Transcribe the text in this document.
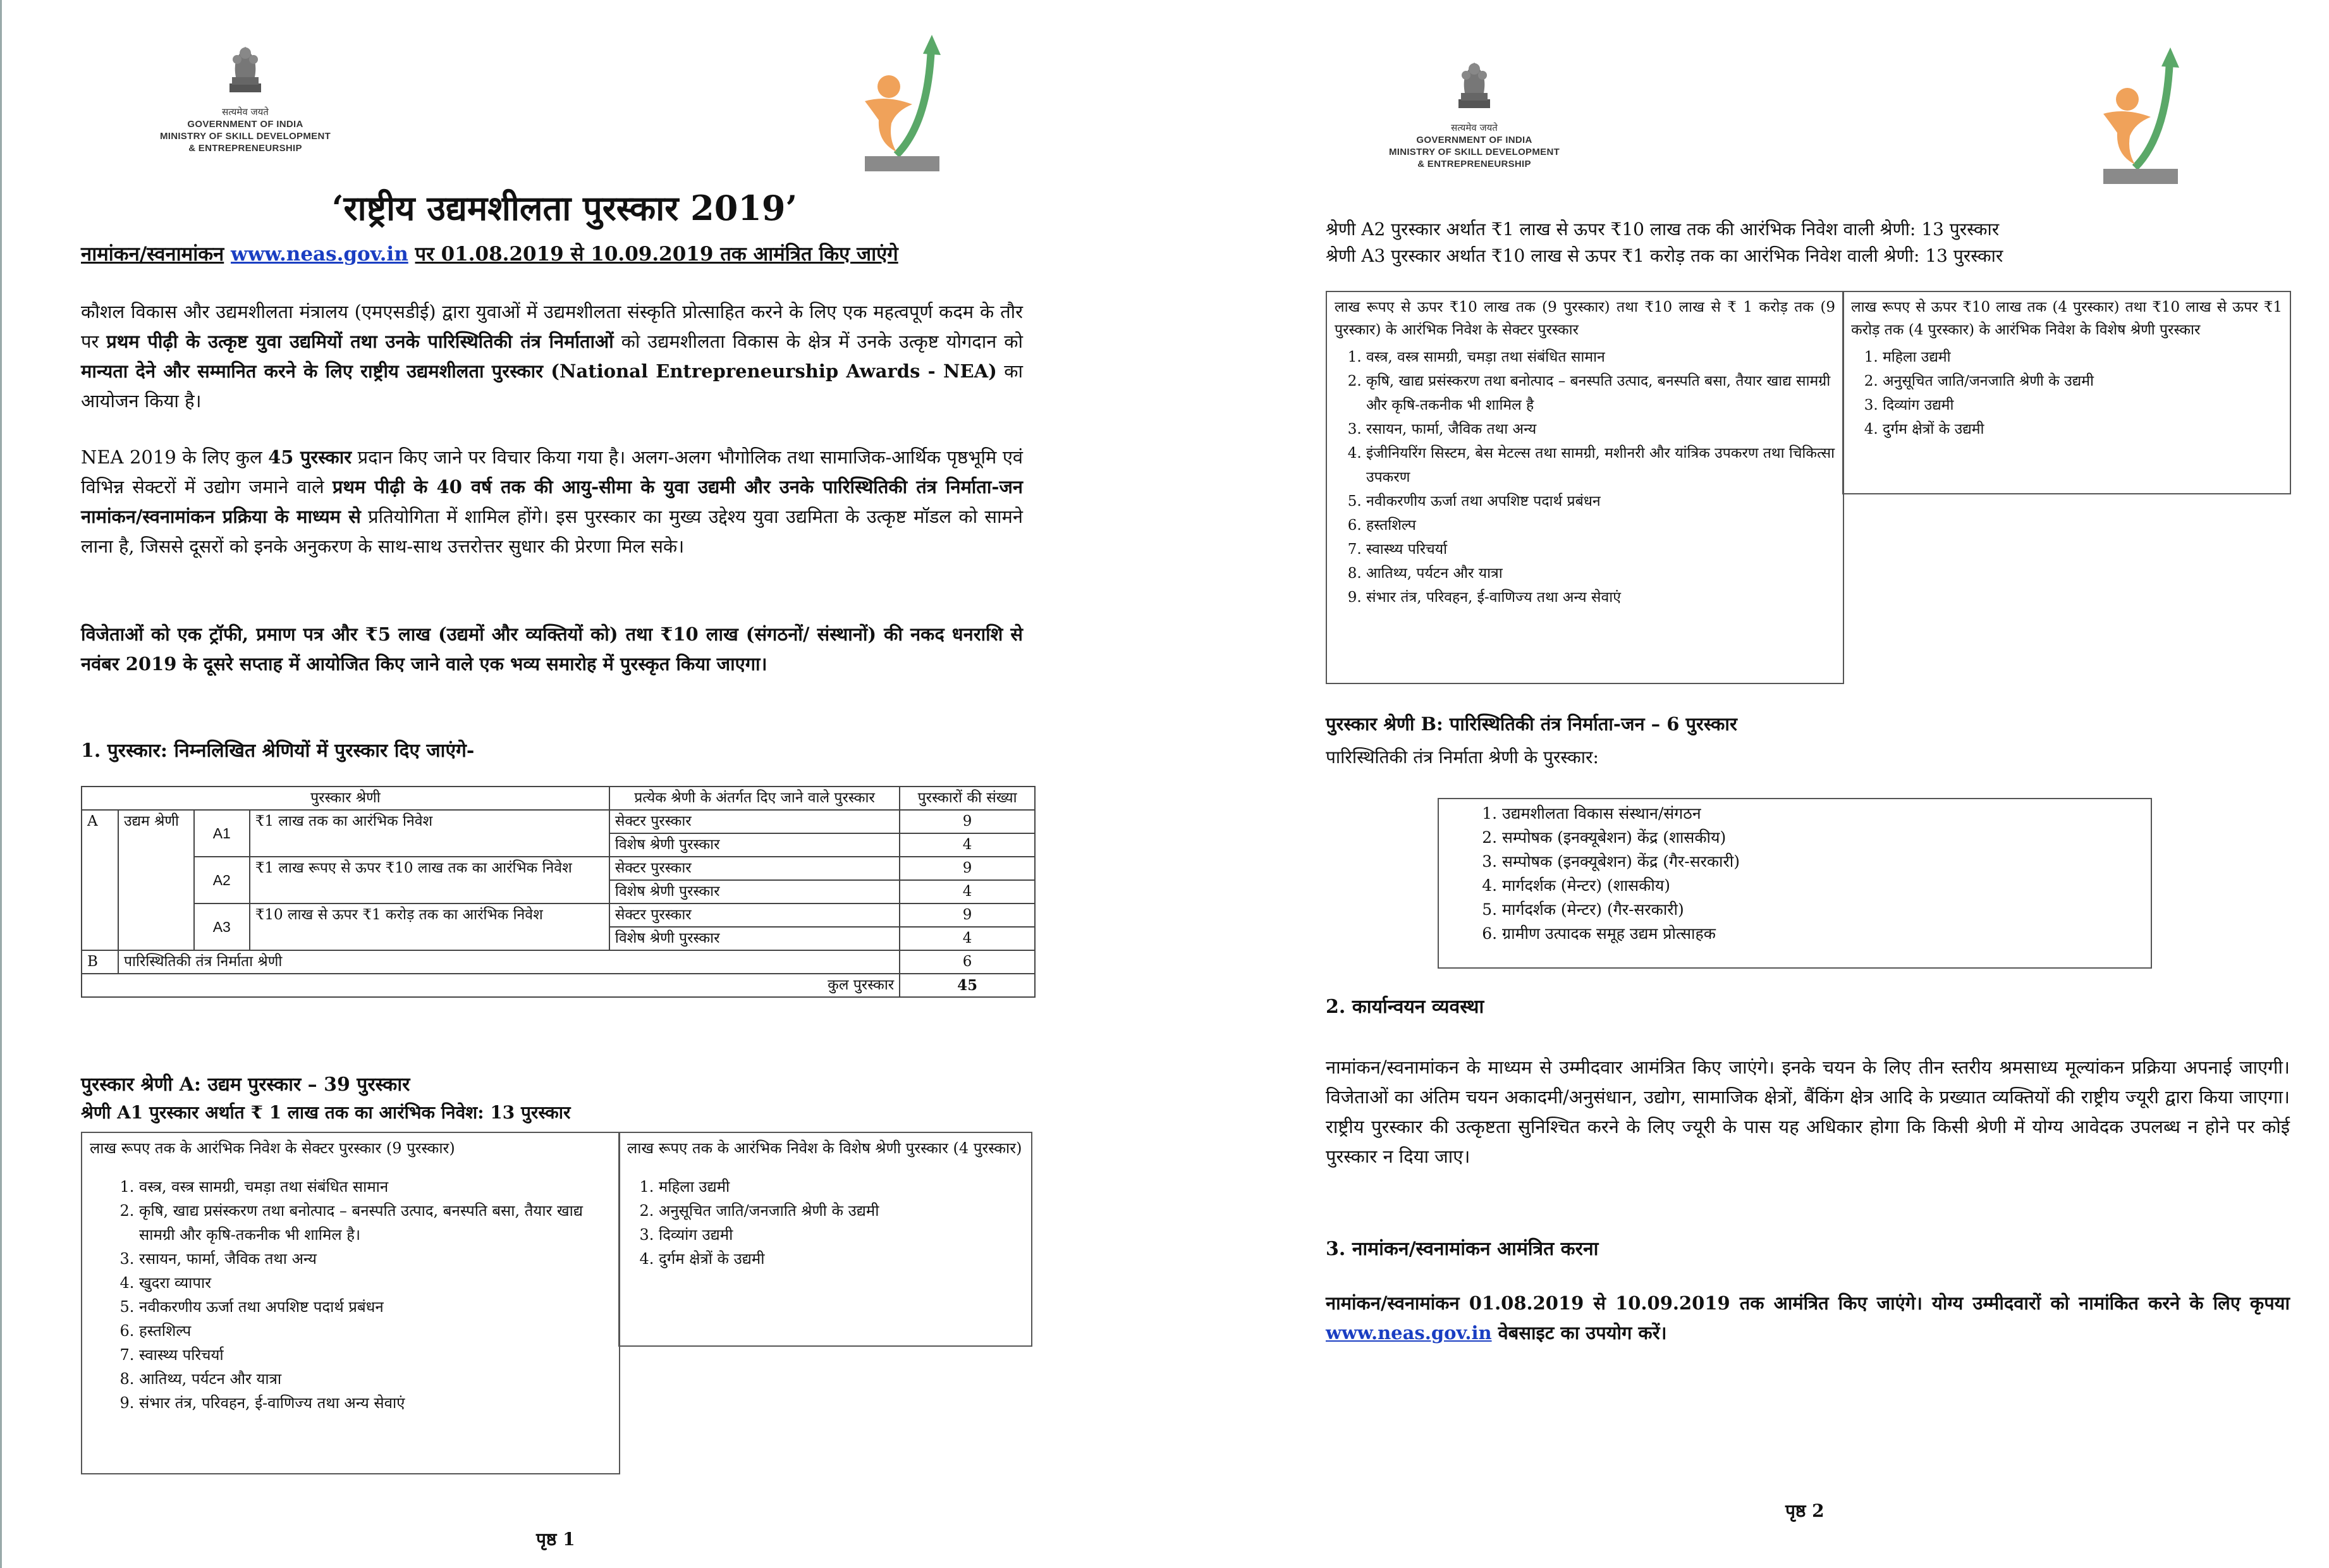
सत्यमेव जयते
GOVERNMENT OF INDIA
MINISTRY OF SKILL DEVELOPMENT
& ENTREPRENEURSHIP
‘राष्ट्रीय उद्यमशीलता पुरस्कार 2019’
नामांकन/स्वनामांकन www.neas.gov.in पर 01.08.2019 से 10.09.2019 तक आमंत्रित किए जाएंगे
कौशल विकास और उद्यमशीलता मंत्रालय (एमएसडीई) द्वारा युवाओं में उद्यमशीलता संस्कृति प्रोत्साहित करने के लिए एक महत्वपूर्ण कदम के तौर पर प्रथम पीढ़ी के उत्कृष्ट युवा उद्यमियों तथा उनके पारिस्थितिकी तंत्र निर्माताओं को उद्यमशीलता विकास के क्षेत्र में उनके उत्कृष्ट योगदान को मान्यता देने और सम्मानित करने के लिए राष्ट्रीय उद्यमशीलता पुरस्कार (National Entrepreneurship Awards - NEA) का आयोजन किया है।
NEA 2019 के लिए कुल 45 पुरस्कार प्रदान किए जाने पर विचार किया गया है। अलग-अलग भौगोलिक तथा सामाजिक-आर्थिक पृष्ठभूमि एवं विभिन्न सेक्टरों में उद्योग जमाने वाले प्रथम पीढ़ी के 40 वर्ष तक की आयु-सीमा के युवा उद्यमी और उनके पारिस्थितिकी तंत्र निर्माता-जन नामांकन/स्वनामांकन प्रक्रिया के माध्यम से प्रतियोगिता में शामिल होंगे। इस पुरस्कार का मुख्य उद्देश्य युवा उद्यमिता के उत्कृष्ट मॉडल को सामने लाना है, जिससे दूसरों को इनके अनुकरण के साथ-साथ उत्तरोत्तर सुधार की प्रेरणा मिल सके।
विजेताओं को एक ट्रॉफी, प्रमाण पत्र और ₹5 लाख (उद्यमों और व्यक्तियों को) तथा ₹10 लाख (संगठनों/ संस्थानों) की नकद धनराशि से नवंबर 2019 के दूसरे सप्ताह में आयोजित किए जाने वाले एक भव्य समारोह में पुरस्कृत किया जाएगा।
1. पुरस्कार: निम्नलिखित श्रेणियों में पुरस्कार दिए जाएंगे-
पुरस्कार श्रेणी				प्रत्येक श्रेणी के अंतर्गत दिए जाने वाले पुरस्कार	पुरस्कारों की संख्या
A	उद्यम श्रेणी	A1	₹1 लाख तक का आरंभिक निवेश	सेक्टर पुरस्कार	9
				विशेष श्रेणी पुरस्कार	4
		A2	₹1 लाख रूपए से ऊपर ₹10 लाख तक का आरंभिक निवेश	सेक्टर पुरस्कार	9
				विशेष श्रेणी पुरस्कार	4
		A3	₹10 लाख से ऊपर ₹1 करोड़ तक का आरंभिक निवेश	सेक्टर पुरस्कार	9
				विशेष श्रेणी पुरस्कार	4
B	पारिस्थितिकी तंत्र निर्माता श्रेणी				6
कुल पुरस्कार					45
पुरस्कार श्रेणी A: उद्यम पुरस्कार – 39 पुरस्कार
श्रेणी A1 पुरस्कार अर्थात ₹ 1 लाख तक का आरंभिक निवेश: 13 पुरस्कार
लाख रूपए तक के आरंभिक निवेश के सेक्टर पुरस्कार (9 पुरस्कार)
1. वस्त्र, वस्त्र सामग्री, चमड़ा तथा संबंधित सामान
2. कृषि, खाद्य प्रसंस्करण तथा बनोत्पाद – बनस्पति उत्पाद, बनस्पति बसा, तैयार खाद्य सामग्री और कृषि-तकनीक भी शामिल है।
3. रसायन, फार्मा, जैविक तथा अन्य
4. खुदरा व्यापार
5. नवीकरणीय ऊर्जा तथा अपशिष्ट पदार्थ प्रबंधन
6. हस्तशिल्प
7. स्वास्थ्य परिचर्या
8. आतिथ्य, पर्यटन और यात्रा
9. संभार तंत्र, परिवहन, ई-वाणिज्य तथा अन्य सेवाएं
लाख रूपए तक के आरंभिक निवेश के विशेष श्रेणी पुरस्कार (4 पुरस्कार)
1. महिला उद्यमी
2. अनुसूचित जाति/जनजाति श्रेणी के उद्यमी
3. दिव्यांग उद्यमी
4. दुर्गम क्षेत्रों के उद्यमी
पृष्ठ 1
सत्यमेव जयते
GOVERNMENT OF INDIA
MINISTRY OF SKILL DEVELOPMENT
& ENTREPRENEURSHIP
श्रेणी A2 पुरस्कार अर्थात ₹1 लाख से ऊपर ₹10 लाख तक की आरंभिक निवेश वाली श्रेणी: 13 पुरस्कार
श्रेणी A3 पुरस्कार अर्थात ₹10 लाख से ऊपर ₹1 करोड़ तक का आरंभिक निवेश वाली श्रेणी: 13 पुरस्कार
लाख रूपए से ऊपर ₹10 लाख तक (9 पुरस्कार) तथा ₹10 लाख से ₹ 1 करोड़ तक (9 पुरस्कार) के आरंभिक निवेश के सेक्टर पुरस्कार
1. वस्त्र, वस्त्र सामग्री, चमड़ा तथा संबंधित सामान
2. कृषि, खाद्य प्रसंस्करण तथा बनोत्पाद – बनस्पति उत्पाद, बनस्पति बसा, तैयार खाद्य सामग्री और कृषि-तकनीक भी शामिल है
3. रसायन, फार्मा, जैविक तथा अन्य
4. इंजीनियरिंग सिस्टम, बेस मेटल्स तथा सामग्री, मशीनरी और यांत्रिक उपकरण तथा चिकित्सा उपकरण
5. नवीकरणीय ऊर्जा तथा अपशिष्ट पदार्थ प्रबंधन
6. हस्तशिल्प
7. स्वास्थ्य परिचर्या
8. आतिथ्य, पर्यटन और यात्रा
9. संभार तंत्र, परिवहन, ई-वाणिज्य तथा अन्य सेवाएं
लाख रूपए से ऊपर ₹10 लाख तक (4 पुरस्कार) तथा ₹10 लाख से ऊपर ₹1 करोड़ तक (4 पुरस्कार) के आरंभिक निवेश के विशेष श्रेणी पुरस्कार
1. महिला उद्यमी
2. अनुसूचित जाति/जनजाति श्रेणी के उद्यमी
3. दिव्यांग उद्यमी
4. दुर्गम क्षेत्रों के उद्यमी
पुरस्कार श्रेणी B: पारिस्थितिकी तंत्र निर्माता-जन – 6 पुरस्कार
पारिस्थितिकी तंत्र निर्माता श्रेणी के पुरस्कार:
1. उद्यमशीलता विकास संस्थान/संगठन
2. सम्पोषक (इनक्यूबेशन) केंद्र (शासकीय)
3. सम्पोषक (इनक्यूबेशन) केंद्र (गैर-सरकारी)
4. मार्गदर्शक (मेन्टर) (शासकीय)
5. मार्गदर्शक (मेन्टर) (गैर-सरकारी)
6. ग्रामीण उत्पादक समूह उद्यम प्रोत्साहक
2. कार्यान्वयन व्यवस्था
नामांकन/स्वनामांकन के माध्यम से उम्मीदवार आमंत्रित किए जाएंगे। इनके चयन के लिए तीन स्तरीय श्रमसाध्य मूल्यांकन प्रक्रिया अपनाई जाएगी। विजेताओं का अंतिम चयन अकादमी/अनुसंधान, उद्योग, सामाजिक क्षेत्रों, बैंकिंग क्षेत्र आदि के प्रख्यात व्यक्तियों की राष्ट्रीय ज्यूरी द्वारा किया जाएगा। राष्ट्रीय पुरस्कार की उत्कृष्टता सुनिश्चित करने के लिए ज्यूरी के पास यह अधिकार होगा कि किसी श्रेणी में योग्य आवेदक उपलब्ध न होने पर कोई पुरस्कार न दिया जाए।
3. नामांकन/स्वनामांकन आमंत्रित करना
नामांकन/स्वनामांकन 01.08.2019 से 10.09.2019 तक आमंत्रित किए जाएंगे। योग्य उम्मीदवारों को नामांकित करने के लिए कृपया www.neas.gov.in वेबसाइट का उपयोग करें।
पृष्ठ 2
